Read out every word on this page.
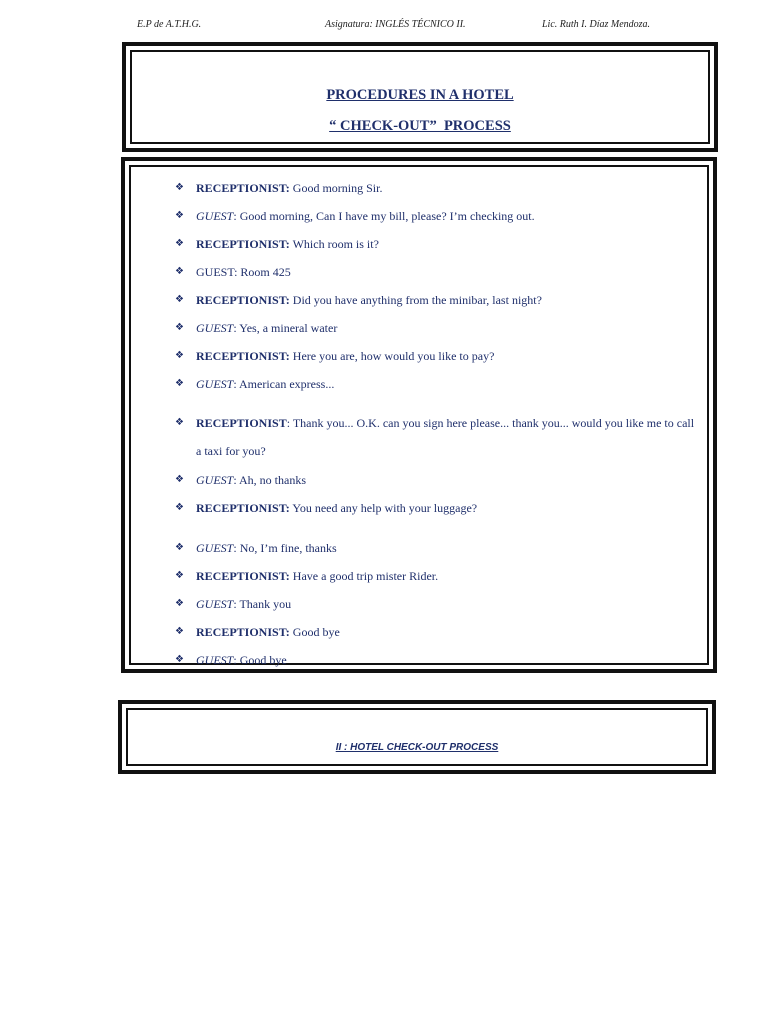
E.P de A.T.H.G.	Asignatura: INGLÉS TÉCNICO II.	Lic. Ruth I. Díaz Mendoza.
PROCEDURES IN A HOTEL
“ CHECK-OUT”  PROCESS
❖	RECEPTIONIST: Good morning Sir.
❖	GUEST: Good morning, Can I have my bill, please? I’m checking out.
❖	RECEPTIONIST: Which room is it?
❖	GUEST: Room 425
❖	RECEPTIONIST: Did you have anything from the minibar, last night?
❖	GUEST: Yes, a mineral water
❖	RECEPTIONIST: Here you are, how would you like to pay?
❖	GUEST: American express...
❖	RECEPTIONIST: Thank you... O.K. can you sign here please... thank you... would you like me to call a taxi for you?
❖	GUEST: Ah, no thanks
❖	RECEPTIONIST: You need any help with your luggage?
❖	GUEST: No, I’m fine, thanks
❖	RECEPTIONIST: Have a good trip mister Rider.
❖	GUEST: Thank you
❖	RECEPTIONIST: Good bye
❖	GUEST: Good bye
II : HOTEL CHECK-OUT PROCESS
